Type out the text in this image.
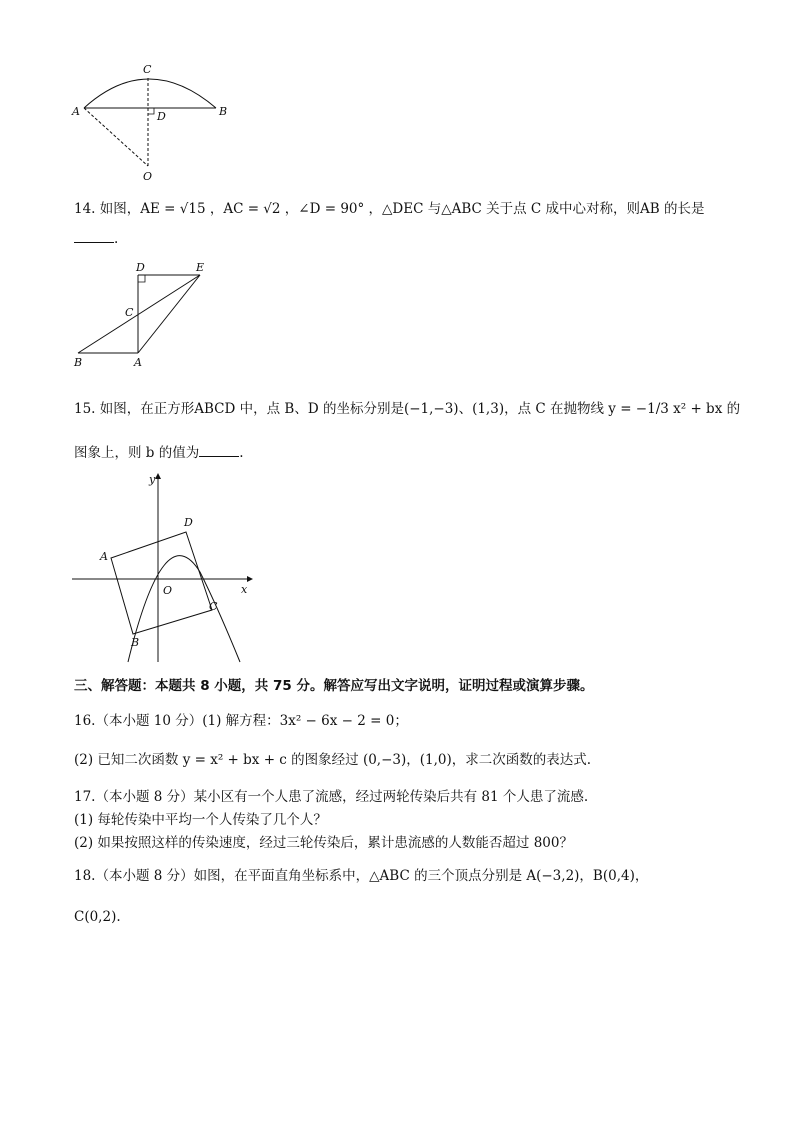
C
A	B
D
O
14. 如图，AE = √15 ，AC = √2 ，∠D = 90° ，△DEC 与△ABC 关于点 C 成中心对称，则AB 的长是
.
D	E
C
B	A
15. 如图，在正方形ABCD 中，点 B、D 的坐标分别是(−1,−3)、(1,3)，点 C 在抛物线 y = −1/3 x² + bx 的
图象上，则 b 的值为	.
y
x
O
A
D
C
B
三、解答题：本题共 8 小题，共 75 分。解答应写出文字说明，证明过程或演算步骤。
16.（本小题 10 分）(1) 解方程：3x² − 6x − 2 = 0；
(2) 已知二次函数 y = x² + bx + c 的图象经过 (0,−3)，(1,0)，求二次函数的表达式.
17.（本小题 8 分）某小区有一个人患了流感，经过两轮传染后共有 81 个人患了流感.
(1) 每轮传染中平均一个人传染了几个人？
(2) 如果按照这样的传染速度，经过三轮传染后，累计患流感的人数能否超过 800？
18.（本小题 8 分）如图，在平面直角坐标系中，△ABC 的三个顶点分别是 A(−3,2)，B(0,4)，
C(0,2).
